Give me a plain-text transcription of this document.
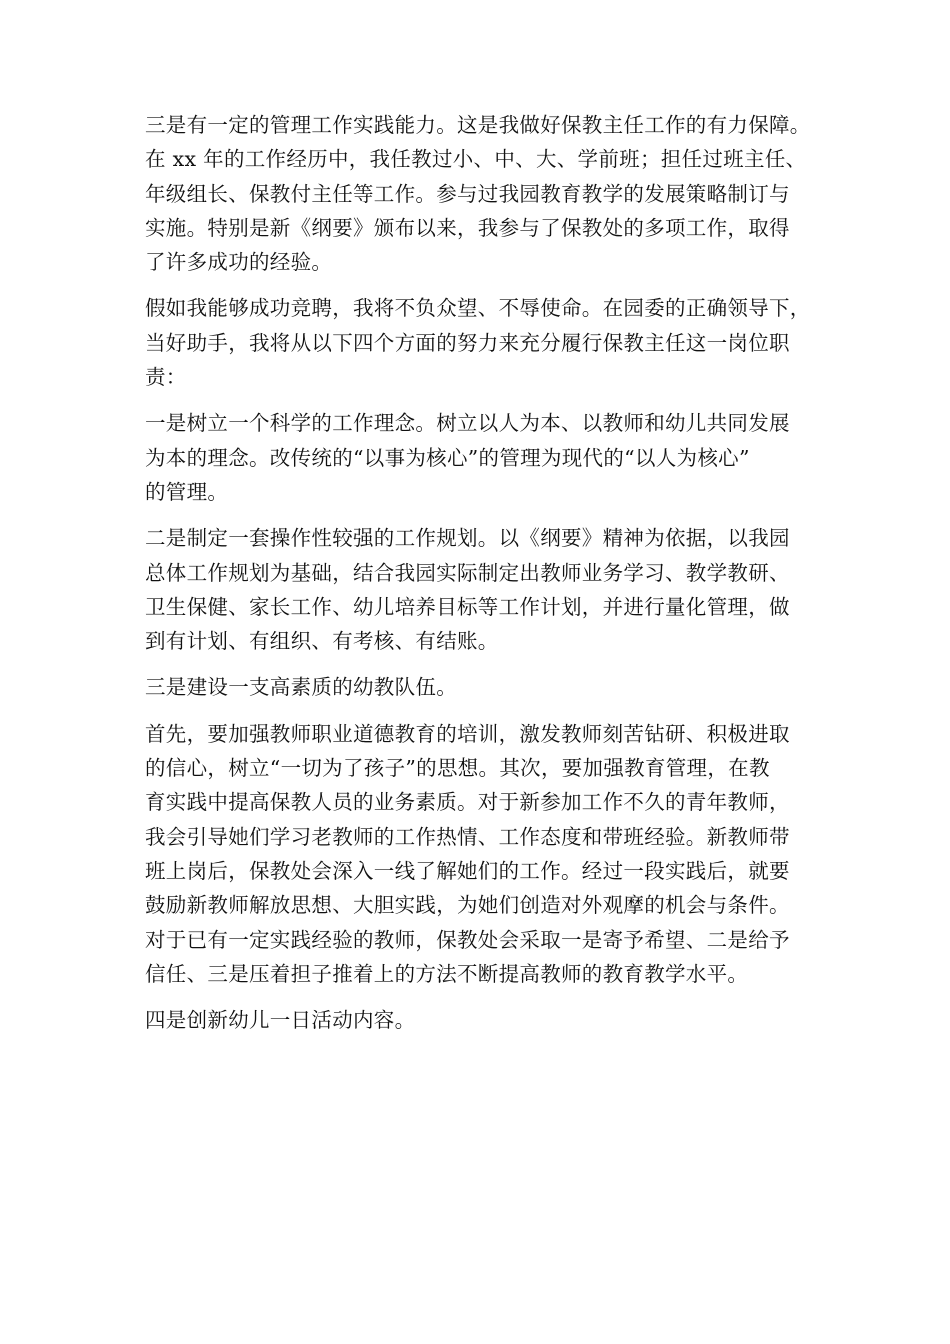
三是有一定的管理工作实践能力。这是我做好保教主任工作的有力保障。
在 xx 年的工作经历中，我任教过小、中、大、学前班；担任过班主任、
年级组长、保教付主任等工作。参与过我园教育教学的发展策略制订与
实施。特别是新《纲要》颁布以来，我参与了保教处的多项工作，取得
了许多成功的经验。

假如我能够成功竞聘，我将不负众望、不辱使命。在园委的正确领导下，
当好助手，我将从以下四个方面的努力来充分履行保教主任这一岗位职
责：

一是树立一个科学的工作理念。树立以人为本、以教师和幼儿共同发展
为本的理念。改传统的“以事为核心”的管理为现代的“以人为核心”
的管理。

二是制定一套操作性较强的工作规划。以《纲要》精神为依据，以我园
总体工作规划为基础，结合我园实际制定出教师业务学习、教学教研、
卫生保健、家长工作、幼儿培养目标等工作计划，并进行量化管理，做
到有计划、有组织、有考核、有结账。

三是建设一支高素质的幼教队伍。

首先，要加强教师职业道德教育的培训，激发教师刻苦钻研、积极进取
的信心，树立“一切为了孩子”的思想。其次，要加强教育管理，在教
育实践中提高保教人员的业务素质。对于新参加工作不久的青年教师，
我会引导她们学习老教师的工作热情、工作态度和带班经验。新教师带
班上岗后，保教处会深入一线了解她们的工作。经过一段实践后，就要
鼓励新教师解放思想、大胆实践，为她们创造对外观摩的机会与条件。
对于已有一定实践经验的教师，保教处会采取一是寄予希望、二是给予
信任、三是压着担子推着上的方法不断提高教师的教育教学水平。

四是创新幼儿一日活动内容。
